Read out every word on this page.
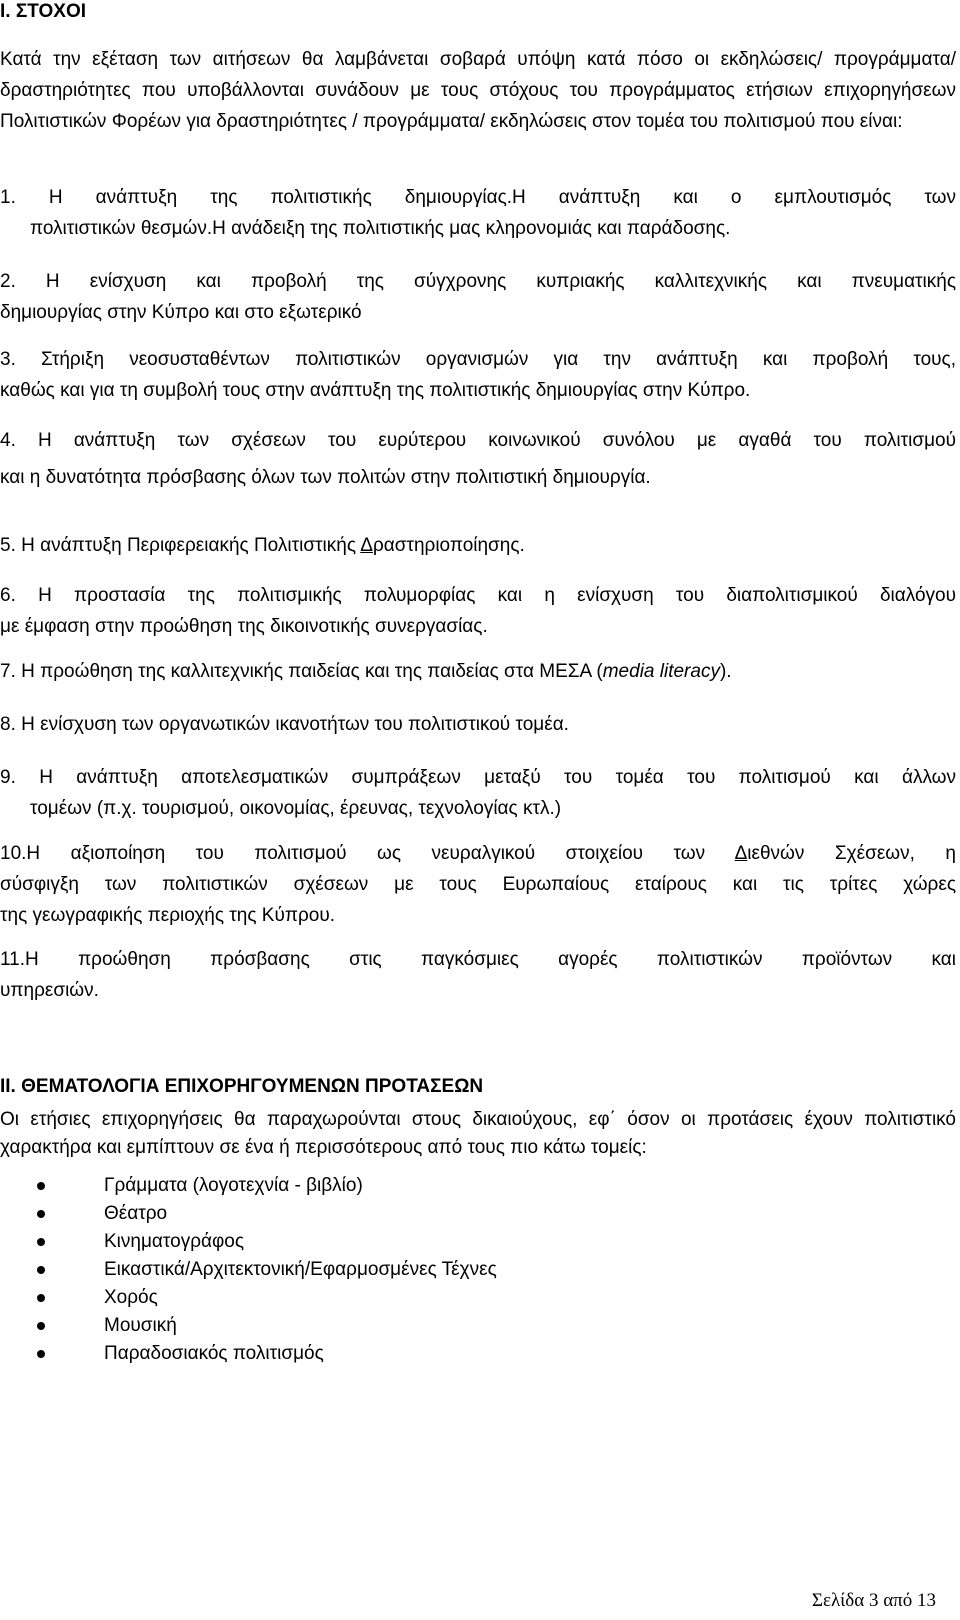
Ι. ΣΤΟΧΟΙ
Κατά την εξέταση των αιτήσεων θα λαμβάνεται σοβαρά υπόψη κατά πόσο οι εκδηλώσεις/ προγράμματα/δραστηριότητες που υποβάλλονται συνάδουν με τους στόχους του προγράμματος ετήσιων επιχορηγήσεων Πολιτιστικών Φορέων για δραστηριότητες / προγράμματα/ εκδηλώσεις στον τομέα του πολιτισμού που είναι:
1. Η ανάπτυξη της πολιτιστικής δημιουργίας.Η ανάπτυξη και ο εμπλουτισμός των
πολιτιστικών θεσμών.Η ανάδειξη της πολιτιστικής μας κληρονομιάς και παράδοσης.
2. Η ενίσχυση και προβολή της σύγχρονης κυπριακής καλλιτεχνικής και πνευματικής
δημιουργίας στην Κύπρο και στο εξωτερικό
3. Στήριξη νεοσυσταθέντων πολιτιστικών οργανισμών για την ανάπτυξη και προβολή τους,
καθώς και για τη συμβολή τους στην ανάπτυξη της πολιτιστικής δημιουργίας στην Κύπρο.
4. Η ανάπτυξη των σχέσεων του ευρύτερου κοινωνικού συνόλου με αγαθά του πολιτισμού
και η δυνατότητα πρόσβασης όλων των πολιτών στην πολιτιστική δημιουργία.
5. Η ανάπτυξη Περιφερειακής Πολιτιστικής Δραστηριοποίησης.
6. Η προστασία της πολιτισμικής πολυμορφίας και η ενίσχυση του διαπολιτισμικού διαλόγου
με έμφαση στην προώθηση της δικοινοτικής συνεργασίας.
7. Η προώθηση της καλλιτεχνικής παιδείας και της παιδείας στα ΜΕΣΑ (media literacy).
8. Η ενίσχυση των οργανωτικών ικανοτήτων του πολιτιστικού τομέα.
9. Η ανάπτυξη αποτελεσματικών συμπράξεων μεταξύ του τομέα του πολιτισμού και άλλων
τομέων (π.χ. τουρισμού, οικονομίας, έρευνας, τεχνολογίας κτλ.)
10.Η αξιοποίηση του πολιτισμού ως νευραλγικού στοιχείου των Διεθνών Σχέσεων, η
σύσφιγξη των πολιτιστικών σχέσεων με τους Ευρωπαίους εταίρους και τις τρίτες χώρες
της γεωγραφικής περιοχής της Κύπρου.
11.Η προώθηση πρόσβασης στις παγκόσμιες αγορές πολιτιστικών προϊόντων και
υπηρεσιών.
ΙΙ. ΘΕΜΑΤΟΛΟΓΙΑ ΕΠΙΧΟΡΗΓΟΥΜΕΝΩΝ ΠΡΟΤΑΣΕΩΝ
Οι ετήσιες επιχορηγήσεις θα παραχωρούνται στους δικαιούχους, εφ΄ όσον οι προτάσεις έχουν πολιτιστικό χαρακτήρα και εμπίπτουν σε ένα ή περισσότερους από τους πιο κάτω τομείς:
Γράμματα (λογοτεχνία - βιβλίο)
Θέατρο
Κινηματογράφος
Εικαστικά/Αρχιτεκτονική/Εφαρμοσμένες Τέχνες
Χορός
Μουσική
Παραδοσιακός πολιτισμός
Σελίδα 3 από 13
